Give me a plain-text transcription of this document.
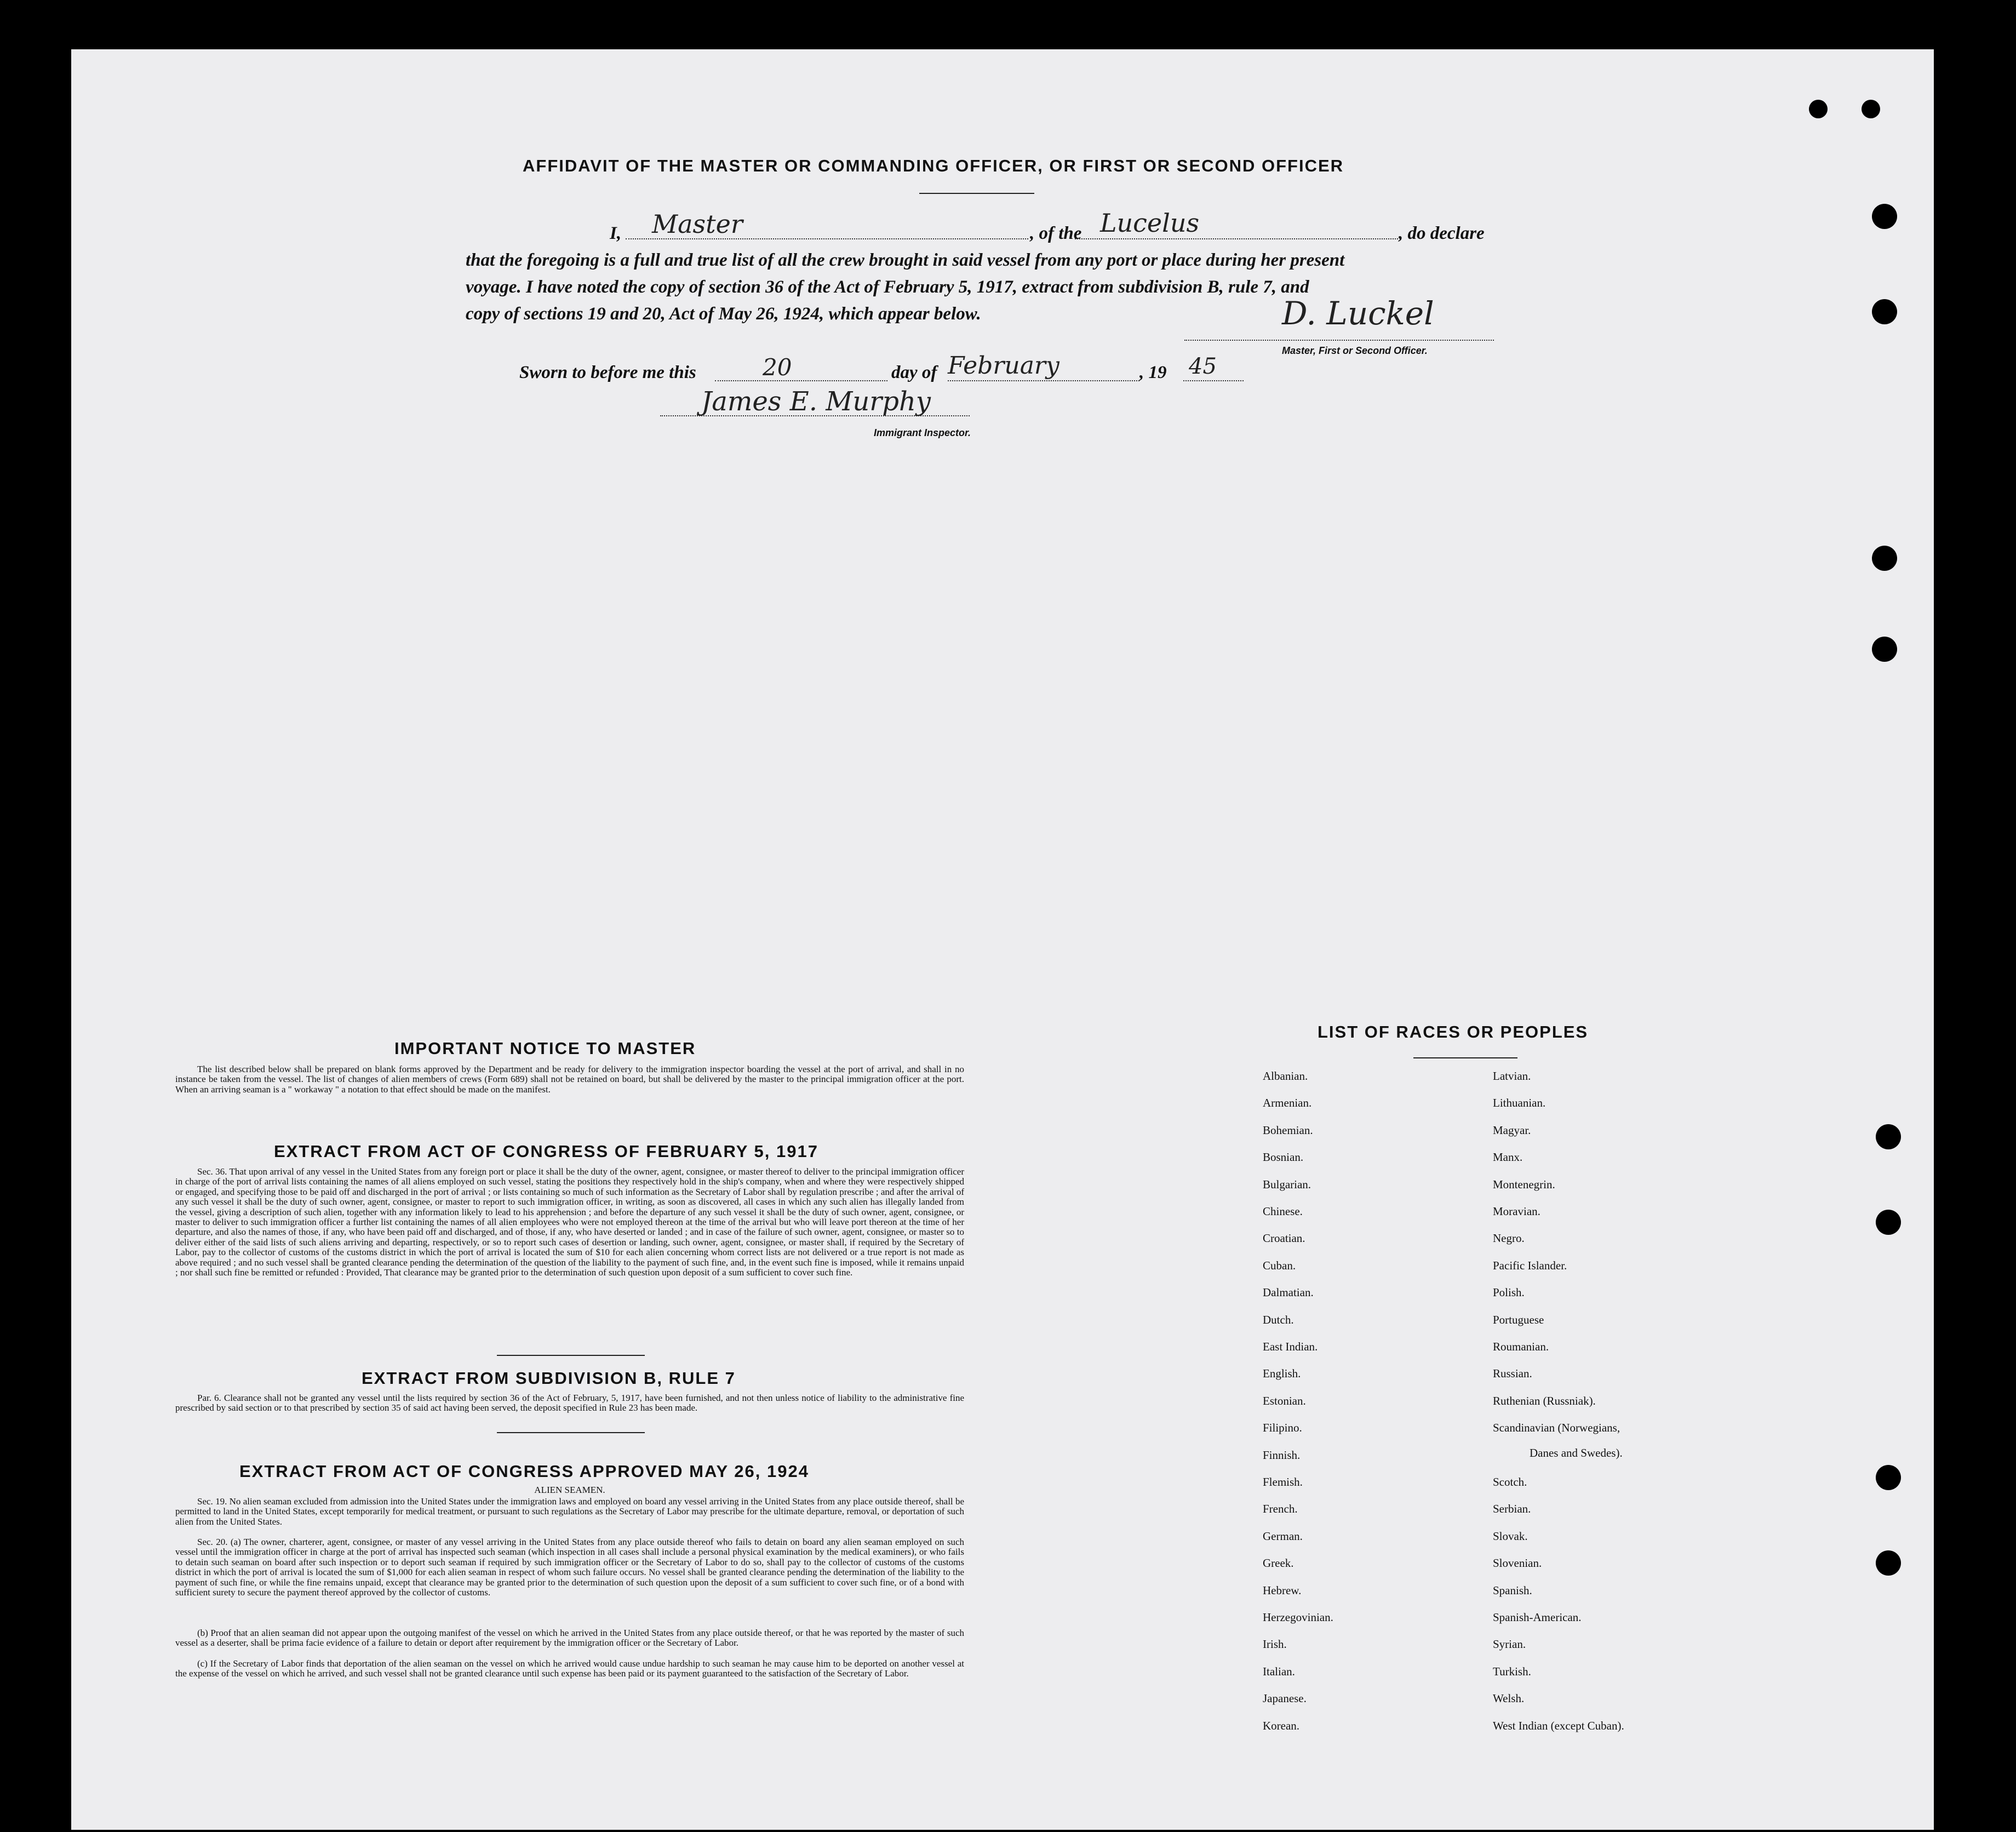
AFFIDAVIT OF THE MASTER OR COMMANDING OFFICER, OR FIRST OR SECOND OFFICER
I,	, of the	, do declare
Master	Lucelus
that the foregoing is a full and true list of all the crew brought in said vessel from any port or place during her present
voyage. I have noted the copy of section 36 of the Act of February 5, 1917, extract from subdivision B, rule 7, and
copy of sections 19 and 20, Act of May 26, 1924, which appear below.	D. Luckel
Master, First or Second Officer.
Sworn to before me this	20	day of February	, 19 45
James E. Murphy
Immigrant Inspector.
IMPORTANT NOTICE TO MASTER
The list described below shall be prepared on blank forms approved by the Department and be ready for delivery to the immigration inspector boarding the vessel at the port of arrival, and shall in no instance be taken from the vessel. The list of changes of alien members of crews (Form 689) shall not be retained on board, but shall be delivered by the master to the principal immigration officer at the port. When an arriving seaman is a " workaway " a notation to that effect should be made on the manifest.
EXTRACT FROM ACT OF CONGRESS OF FEBRUARY 5, 1917
Sec. 36. That upon arrival of any vessel in the United States from any foreign port or place it shall be the duty of the owner, agent, consignee, or master thereof to deliver to the principal immigration officer in charge of the port of arrival lists containing the names of all aliens employed on such vessel, stating the positions they respectively hold in the ship's company, when and where they were respectively shipped or engaged, and specifying those to be paid off and discharged in the port of arrival ; or lists containing so much of such information as the Secretary of Labor shall by regulation prescribe ; and after the arrival of any such vessel it shall be the duty of such owner, agent, consignee, or master to report to such immigration officer, in writing, as soon as discovered, all cases in which any such alien has illegally landed from the vessel, giving a description of such alien, together with any information likely to lead to his apprehension ; and before the departure of any such vessel it shall be the duty of such owner, agent, consignee, or master to deliver to such immigration officer a further list containing the names of all alien employees who were not employed thereon at the time of the arrival but who will leave port thereon at the time of her departure, and also the names of those, if any, who have been paid off and discharged, and of those, if any, who have deserted or landed ; and in case of the failure of such owner, agent, consignee, or master so to deliver either of the said lists of such aliens arriving and departing, respectively, or so to report such cases of desertion or landing, such owner, agent, consignee, or master shall, if required by the Secretary of Labor, pay to the collector of customs of the customs district in which the port of arrival is located the sum of $10 for each alien concerning whom correct lists are not delivered or a true report is not made as above required ; and no such vessel shall be granted clearance pending the determination of the question of the liability to the payment of such fine, and, in the event such fine is imposed, while it remains unpaid ; nor shall such fine be remitted or refunded : Provided, That clearance may be granted prior to the determination of such question upon deposit of a sum sufficient to cover such fine.
EXTRACT FROM SUBDIVISION B, RULE 7
Par. 6. Clearance shall not be granted any vessel until the lists required by section 36 of the Act of February, 5, 1917, have been furnished, and not then unless notice of liability to the administrative fine prescribed by said section or to that prescribed by section 35 of said act having been served, the deposit specified in Rule 23 has been made.
EXTRACT FROM ACT OF CONGRESS APPROVED MAY 26, 1924
ALIEN SEAMEN.
Sec. 19. No alien seaman excluded from admission into the United States under the immigration laws and employed on board any vessel arriving in the United States from any place outside thereof, shall be permitted to land in the United States, except temporarily for medical treatment, or pursuant to such regulations as the Secretary of Labor may prescribe for the ultimate departure, removal, or deportation of such alien from the United States.
Sec. 20. (a) The owner, charterer, agent, consignee, or master of any vessel arriving in the United States from any place outside thereof who fails to detain on board any alien seaman employed on such vessel until the immigration officer in charge at the port of arrival has inspected such seaman (which inspection in all cases shall include a personal physical examination by the medical examiners), or who fails to detain such seaman on board after such inspection or to deport such seaman if required by such immigration officer or the Secretary of Labor to do so, shall pay to the collector of customs of the customs district in which the port of arrival is located the sum of $1,000 for each alien seaman in respect of whom such failure occurs. No vessel shall be granted clearance pending the determination of the liability to the payment of such fine, or while the fine remains unpaid, except that clearance may be granted prior to the determination of such question upon the deposit of a sum sufficient to cover such fine, or of a bond with sufficient surety to secure the payment thereof approved by the collector of customs.
(b) Proof that an alien seaman did not appear upon the outgoing manifest of the vessel on which he arrived in the United States from any place outside thereof, or that he was reported by the master of such vessel as a deserter, shall be prima facie evidence of a failure to detain or deport after requirement by the immigration officer or the Secretary of Labor.
(c) If the Secretary of Labor finds that deportation of the alien seaman on the vessel on which he arrived would cause undue hardship to such seaman he may cause him to be deported on another vessel at the expense of the vessel on which he arrived, and such vessel shall not be granted clearance until such expense has been paid or its payment guaranteed to the satisfaction of the Secretary of Labor.
LIST OF RACES OR PEOPLES
Danes and Swedes).
Albanian.
Armenian.
Bohemian.
Bosnian.
Bulgarian.
Chinese.
Croatian.
Cuban.
Dalmatian.
Dutch.
East Indian.
English.
Estonian.
Filipino.
Finnish.
Flemish.
French.
German.
Greek.
Hebrew.
Herzegovinian.
Irish.
Italian.
Japanese.
Korean.
Latvian.
Lithuanian.
Magyar.
Manx.
Montenegrin.
Moravian.
Negro.
Pacific Islander.
Polish.
Portuguese
Roumanian.
Russian.
Ruthenian (Russniak).
Scandinavian (Norwegians,
Scotch.
Serbian.
Slovak.
Slovenian.
Spanish.
Spanish-American.
Syrian.
Turkish.
Welsh.
West Indian (except Cuban).
